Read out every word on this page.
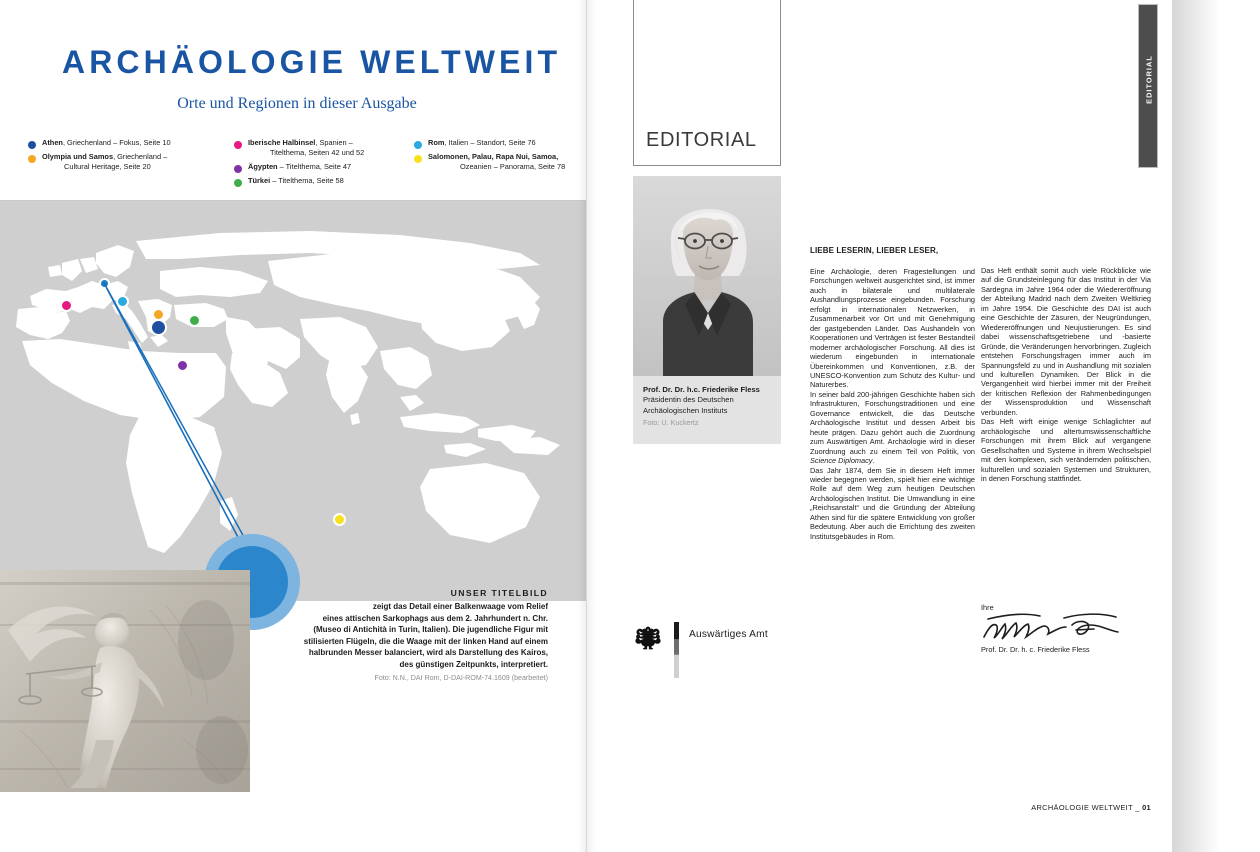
ARCHÄOLOGIE WELTWEIT
Orte und Regionen in dieser Ausgabe
Athen, Griechenland – Fokus, Seite 10
Olympia und Samos, Griechenland –
Cultural Heritage, Seite 20
Iberische Halbinsel, Spanien –
Titelthema, Seiten 42 und 52
Ägypten – Titelthema, Seite 47
Türkei – Titelthema, Seite 58
Rom, Italien – Standort, Seite 76
Salomonen, Palau, Rapa Nui, Samoa,
Ozeanien – Panorama, Seite 78
UNSER TITELBILD
zeigt das Detail einer Balkenwaage vom Relief
eines attischen Sarkophags aus dem 2. Jahrhundert n. Chr.
(Museo di Antichità in Turin, Italien). Die jugendliche Figur mit
stilisierten Flügeln, die die Waage mit der linken Hand auf einem
halbrunden Messer balanciert, wird als Darstellung des Kairos,
des günstigen Zeitpunkts, interpretiert.
Foto: N.N., DAI Rom, D-DAI-ROM-74.1609 (bearbeitet)
EDITORIAL
Prof. Dr. Dr. h.c. Friederike Fless
Präsidentin des Deutschen
Archäologischen Instituts
Foto: U. Kuckertz
Auswärtiges Amt
LIEBE LESERIN, LIEBER LESER,
Eine Archäologie, deren Fragestellungen und Forschungen weltweit ausgerichtet sind, ist immer auch in bilaterale und multilaterale Aushandlungsprozesse eingebunden. Forschung erfolgt in internationalen Netzwerken, in Zusammenarbeit vor Ort und mit Genehmigung der gastgebenden Länder. Das Aushandeln von Kooperationen und Verträgen ist fester Bestandteil moderner archäologischer Forschung. All dies ist wiederum eingebunden in internationale Übereinkommen und Konventionen, z.B. der UNESCO-Konvention zum Schutz des Kultur- und Naturerbes.
In seiner bald 200-jährigen Geschichte haben sich Infrastrukturen, Forschungstraditionen und eine Governance entwickelt, die das Deutsche Archäologische Institut und dessen Arbeit bis heute prägen. Dazu gehört auch die Zuordnung zum Auswärtigen Amt. Archäologie wird in dieser Zuordnung auch zu einem Teil von Politik, von Science Diplomacy.
Das Jahr 1874, dem Sie in diesem Heft immer wieder begegnen werden, spielt hier eine wichtige Rolle auf dem Weg zum heutigen Deutschen Archäologischen Institut. Die Umwandlung in eine „Reichsanstalt“ und die Gründung der Abteilung Athen sind für die spätere Entwicklung von großer Bedeutung. Aber auch die Errichtung des zweiten Institutsgebäudes in Rom.
Das Heft enthält somit auch viele Rückblicke wie auf die Grundsteinlegung für das Institut in der Via Sardegna im Jahre 1964 oder die Wiedereröffnung der Abteilung Madrid nach dem Zweiten Weltkrieg im Jahre 1954. Die Geschichte des DAI ist auch eine Geschichte der Zäsuren, der Neugründungen, Wiedereröffnungen und Neujustierungen. Es sind dabei wissenschaftsgetriebene und -basierte Gründe, die Veränderungen hervorbringen. Zugleich entstehen Forschungsfragen immer auch im Spannungsfeld zu und in Aushandlung mit sozialen und kulturellen Dynamiken. Der Blick in die Vergangenheit wird hierbei immer mit der Freiheit der kritischen Reflexion der Rahmenbedingungen der Wissensproduktion und Wissenschaft verbunden.
Das Heft wirft einige wenige Schlaglichter auf archäologische und altertumswissenschaftliche Forschungen mit ihrem Blick auf vergangene Gesellschaften und Systeme in ihrem Wechselspiel mit den komplexen, sich verändernden politischen, kulturellen und sozialen Systemen und Strukturen, in denen Forschung stattfindet.
Ihre
Prof. Dr. Dr. h. c. Friederike Fless
ARCHÄOLOGIE WELTWEIT _ 01
EDITORIAL
